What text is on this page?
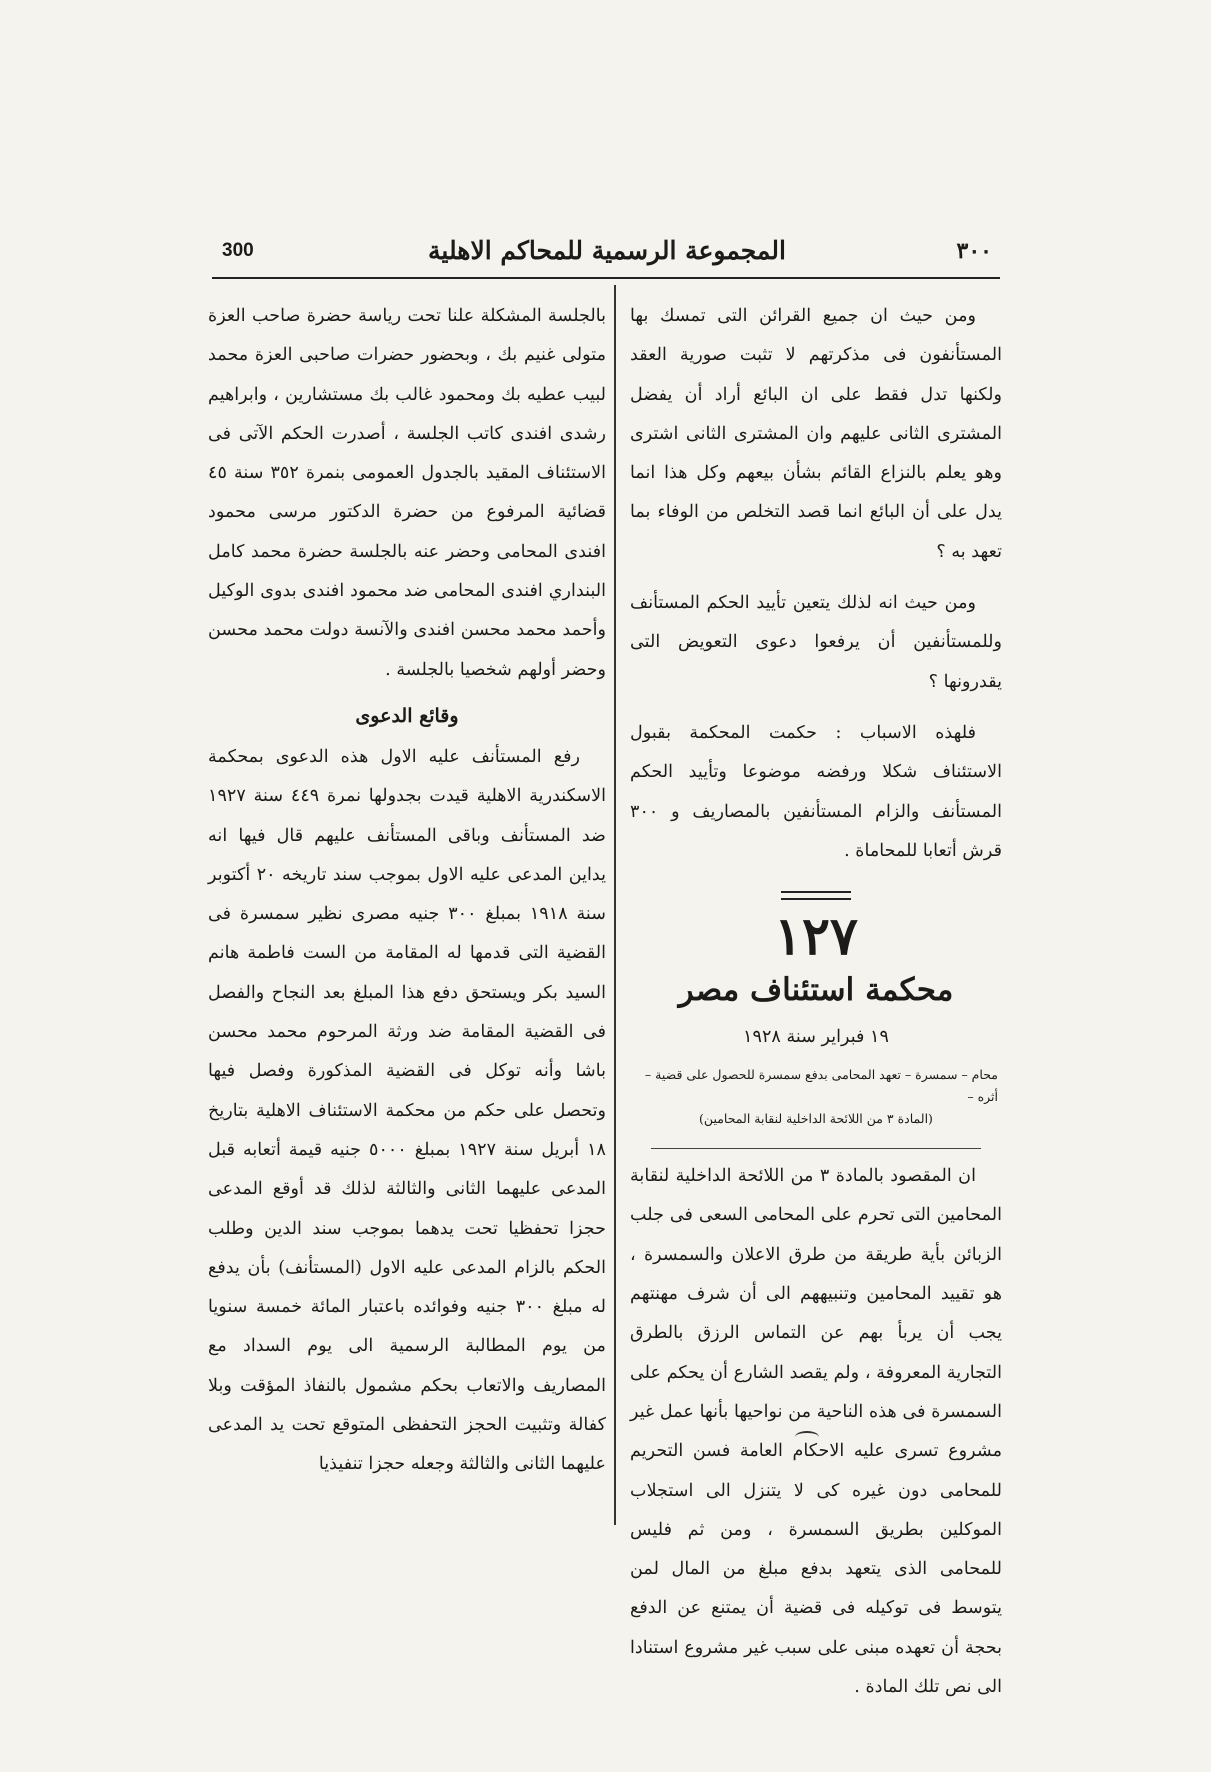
٣٠٠
المجموعة الرسمية للمحاكم الاهلية
300

ومن حيث ان جميع القرائن التى تمسك بها المستأنفون فى مذكرتهم لا تثبت صورية العقد ولكنها تدل فقط على ان البائع أراد أن يفضل المشترى الثانى عليهم وان المشترى الثانى اشترى وهو يعلم بالنزاع القائم بشأن بيعهم وكل هذا انما يدل على أن البائع انما قصد التخلص من الوفاء بما تعهد به ؟

ومن حيث انه لذلك يتعين تأييد الحكم المستأنف وللمستأنفين أن يرفعوا دعوى التعويض التى يقدرونها ؟

فلهذه الاسباب : حكمت المحكمة بقبول الاستئناف شكلا ورفضه موضوعا وتأييد الحكم المستأنف والزام المستأنفين بالمصاريف و ٣٠٠ قرش أتعابا للمحاماة .

١٢٧
محكمة استئناف مصر
١٩ فبراير سنة ١٩٢٨
محام – سمسرة – تعهد المحامى بدفع سمسرة للحصول على قضية – أثره –
(المادة ٣ من اللائحة الداخلية لنقابة المحامين)

ان المقصود بالمادة ٣ من اللائحة الداخلية لنقابة المحامين التى تحرم على المحامى السعى فى جلب الزبائن بأية طريقة من طرق الاعلان والسمسرة ، هو تقييد المحامين وتنبيههم الى أن شرف مهنتهم يجب أن يربأ بهم عن التماس الرزق بالطرق التجارية المعروفة ، ولم يقصد الشارع أن يحكم على السمسرة فى هذه الناحية من نواحيها بأنها عمل غير مشروع تسرى عليه الاحكام العامة فسن التحريم للمحامى دون غيره كى لا يتنزل الى استجلاب الموكلين بطريق السمسرة ، ومن ثم فليس للمحامى الذى يتعهد بدفع مبلغ من المال لمن يتوسط فى توكيله فى قضية أن يمتنع عن الدفع بحجة أن تعهده مبنى على سبب غير مشروع استنادا الى نص تلك المادة .

بالجلسة المشكلة علنا تحت رياسة حضرة صاحب العزة متولى غنيم بك ، وبحضور حضرات صاحبى العزة محمد لبيب عطيه بك ومحمود غالب بك مستشارين ، وابراهيم رشدى افندى كاتب الجلسة ، أصدرت الحكم الآتى فى الاستئناف المقيد بالجدول العمومى بنمرة ٣٥٢ سنة ٤٥ قضائية المرفوع من حضرة الدكتور مرسى محمود افندى المحامى وحضر عنه بالجلسة حضرة محمد كامل البنداري افندى المحامى ضد محمود افندى بدوى الوكيل وأحمد محمد محسن افندى والآنسة دولت محمد محسن وحضر أولهم شخصيا بالجلسة .

وقائع الدعوى

رفع المستأنف عليه الاول هذه الدعوى بمحكمة الاسكندرية الاهلية قيدت بجدولها نمرة ٤٤٩ سنة ١٩٢٧ ضد المستأنف وباقى المستأنف عليهم قال فيها انه يداين المدعى عليه الاول بموجب سند تاريخه ٢٠ أكتوبر سنة ١٩١٨ بمبلغ ٣٠٠ جنيه مصرى نظير سمسرة فى القضية التى قدمها له المقامة من الست فاطمة هانم السيد بكر ويستحق دفع هذا المبلغ بعد النجاح والفصل فى القضية المقامة ضد ورثة المرحوم محمد محسن باشا وأنه توكل فى القضية المذكورة وفصل فيها وتحصل على حكم من محكمة الاستئناف الاهلية بتاريخ ١٨ أبريل سنة ١٩٢٧ بمبلغ ٥٠٠٠ جنيه قيمة أتعابه قبل المدعى عليهما الثانى والثالثة لذلك قد أوقع المدعى حجزا تحفظيا تحت يدهما بموجب سند الدين وطلب الحكم بالزام المدعى عليه الاول (المستأنف) بأن يدفع له مبلغ ٣٠٠ جنيه وفوائده باعتبار المائة خمسة سنويا من يوم المطالبة الرسمية الى يوم السداد مع المصاريف والاتعاب بحكم مشمول بالنفاذ المؤقت وبلا كفالة وتثبيت الحجز التحفظى المتوقع تحت يد المدعى عليهما الثانى والثالثة وجعله حجزا تنفيذيا
